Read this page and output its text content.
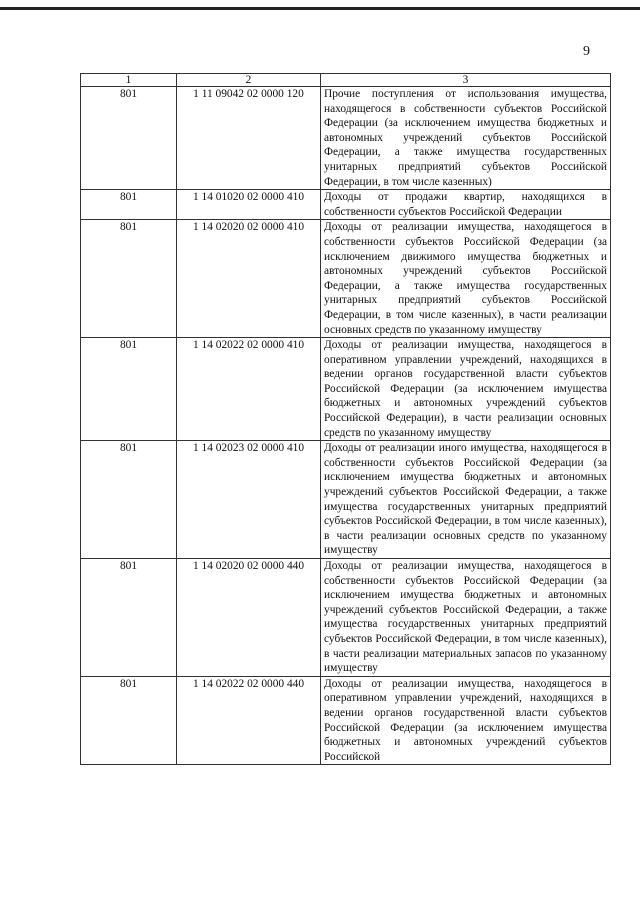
9
1	2	3
801	1 11 09042 02 0000 120	Прочие поступления от использования имущества, находящегося в собственности субъектов Российской Федерации (за исключением имущества бюджетных и автономных учреждений субъектов Российской Федерации, а также имущества государственных унитарных предприятий субъектов Российской Федерации, в том числе казенных)
801	1 14 01020 02 0000 410	Доходы от продажи квартир, находящихся в собственности субъектов Российской Федерации
801	1 14 02020 02 0000 410	Доходы от реализации имущества, находящегося в собственности субъектов Российской Федерации (за исключением движимого имущества бюджетных и автономных учреждений субъектов Российской Федерации, а также имущества государственных унитарных предприятий субъектов Российской Федерации, в том числе казенных), в части реализации основных средств по указанному имуществу
801	1 14 02022 02 0000 410	Доходы от реализации имущества, находящегося в оперативном управлении учреждений, находящихся в ведении органов государственной власти субъектов Российской Федерации (за исключением имущества бюджетных и автономных учреждений субъектов Российской Федерации), в части реализации основных средств по указанному имуществу
801	1 14 02023 02 0000 410	Доходы от реализации иного имущества, находящегося в собственности субъектов Российской Федерации (за исключением имущества бюджетных и автономных учреждений субъектов Российской Федерации, а также имущества государственных унитарных предприятий субъектов Российской Федерации, в том числе казенных), в части реализации основных средств по указанному имуществу
801	1 14 02020 02 0000 440	Доходы от реализации имущества, находящегося в собственности субъектов Российской Федерации (за исключением имущества бюджетных и автономных учреждений субъектов Российской Федерации, а также имущества государственных унитарных предприятий субъектов Российской Федерации, в том числе казенных), в части реализации материальных запасов по указанному имуществу
801	1 14 02022 02 0000 440	Доходы от реализации имущества, находящегося в оперативном управлении учреждений, находящихся в ведении органов государственной власти субъектов Российской Федерации (за исключением имущества бюджетных и автономных учреждений субъектов Российской
